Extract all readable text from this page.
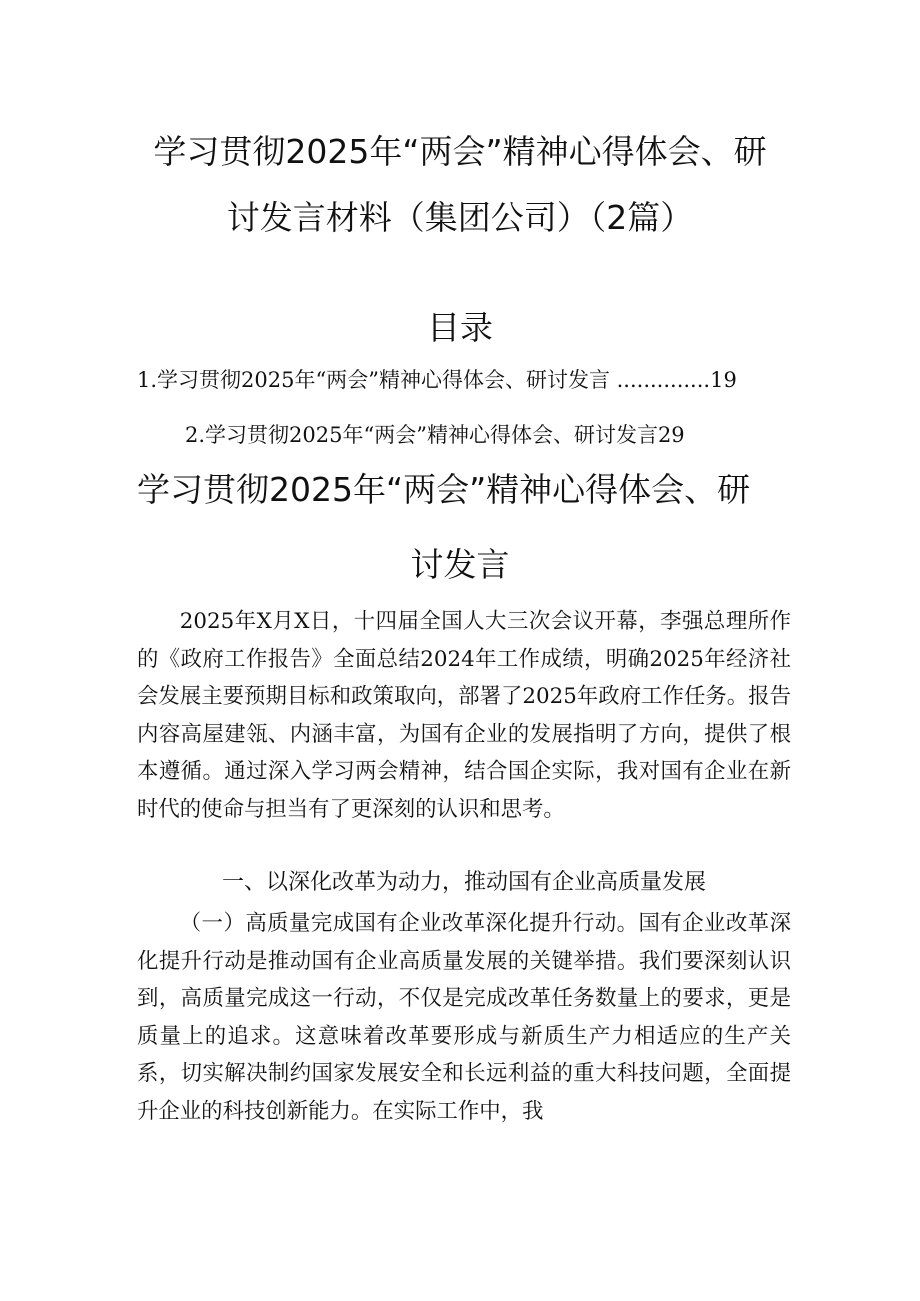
学习贯彻2025年“两会”精神心得体会、研
讨发言材料（集团公司）（2篇）
目录
1.学习贯彻2025年“两会”精神心得体会、研讨发言 ..............19
2.学习贯彻2025年“两会”精神心得体会、研讨发言29
学习贯彻2025年“两会”精神心得体会、研
讨发言

2025年X月X日，十四届全国人大三次会议开幕，李强总理所作的《政府工作报告》全面总结2024年工作成绩，明确2025年经济社会发展主要预期目标和政策取向，部署了2025年政府工作任务。报告内容高屋建瓴、内涵丰富，为国有企业的发展指明了方向，提供了根本遵循。通过深入学习两会精神，结合国企实际，我对国有企业在新时代的使命与担当有了更深刻的认识和思考。

一、以深化改革为动力，推动国有企业高质量发展

（一）高质量完成国有企业改革深化提升行动。国有企业改革深化提升行动是推动国有企业高质量发展的关键举措。我们要深刻认识到，高质量完成这一行动，不仅是完成改革任务数量上的要求，更是质量上的追求。这意味着改革要形成与新质生产力相适应的生产关系，切实解决制约国家发展安全和长远利益的重大科技问题，全面提升企业的科技创新能力。在实际工作中，我
